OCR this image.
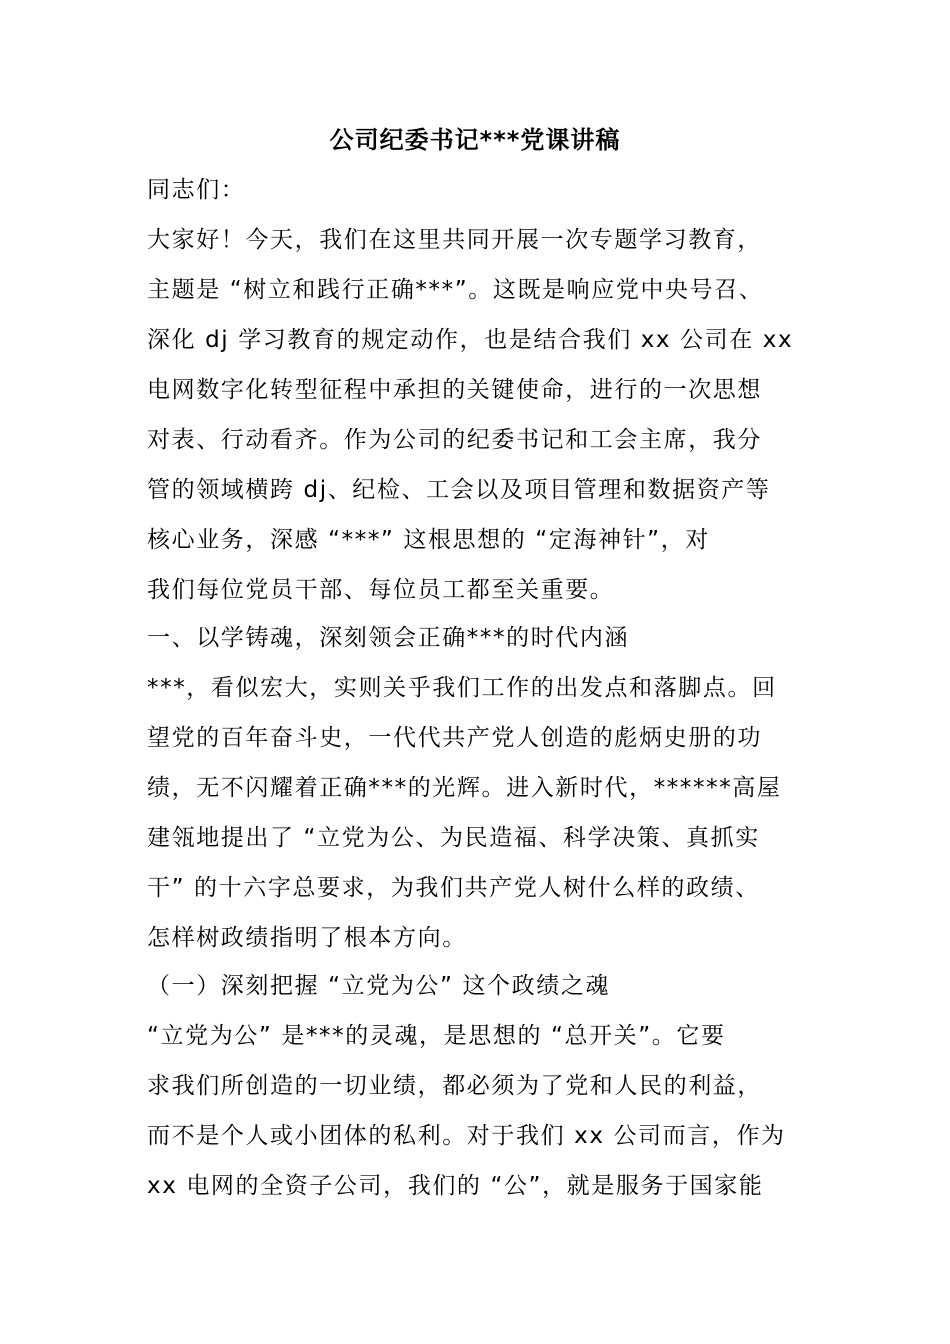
公司纪委书记***党课讲稿
同志们：
大家好！今天，我们在这里共同开展一次专题学习教育，
主题是 “树立和践行正确***”。这既是响应党中央号召、
深化 dj 学习教育的规定动作，也是结合我们 xx 公司在 xx
电网数字化转型征程中承担的关键使命，进行的一次思想
对表、行动看齐。作为公司的纪委书记和工会主席，我分
管的领域横跨 dj、纪检、工会以及项目管理和数据资产等
核心业务，深感 “***” 这根思想的 “定海神针”，对
我们每位党员干部、每位员工都至关重要。
一、以学铸魂，深刻领会正确***的时代内涵
***，看似宏大，实则关乎我们工作的出发点和落脚点。回
望党的百年奋斗史，一代代共产党人创造的彪炳史册的功
绩，无不闪耀着正确***的光辉。进入新时代，******高屋
建瓴地提出了 “立党为公、为民造福、科学决策、真抓实
干” 的十六字总要求，为我们共产党人树什么样的政绩、
怎样树政绩指明了根本方向。
（一）深刻把握 “立党为公” 这个政绩之魂
“立党为公” 是***的灵魂，是思想的 “总开关”。它要
求我们所创造的一切业绩，都必须为了党和人民的利益，
而不是个人或小团体的私利。对于我们 xx 公司而言，作为
xx 电网的全资子公司，我们的 “公”，就是服务于国家能
